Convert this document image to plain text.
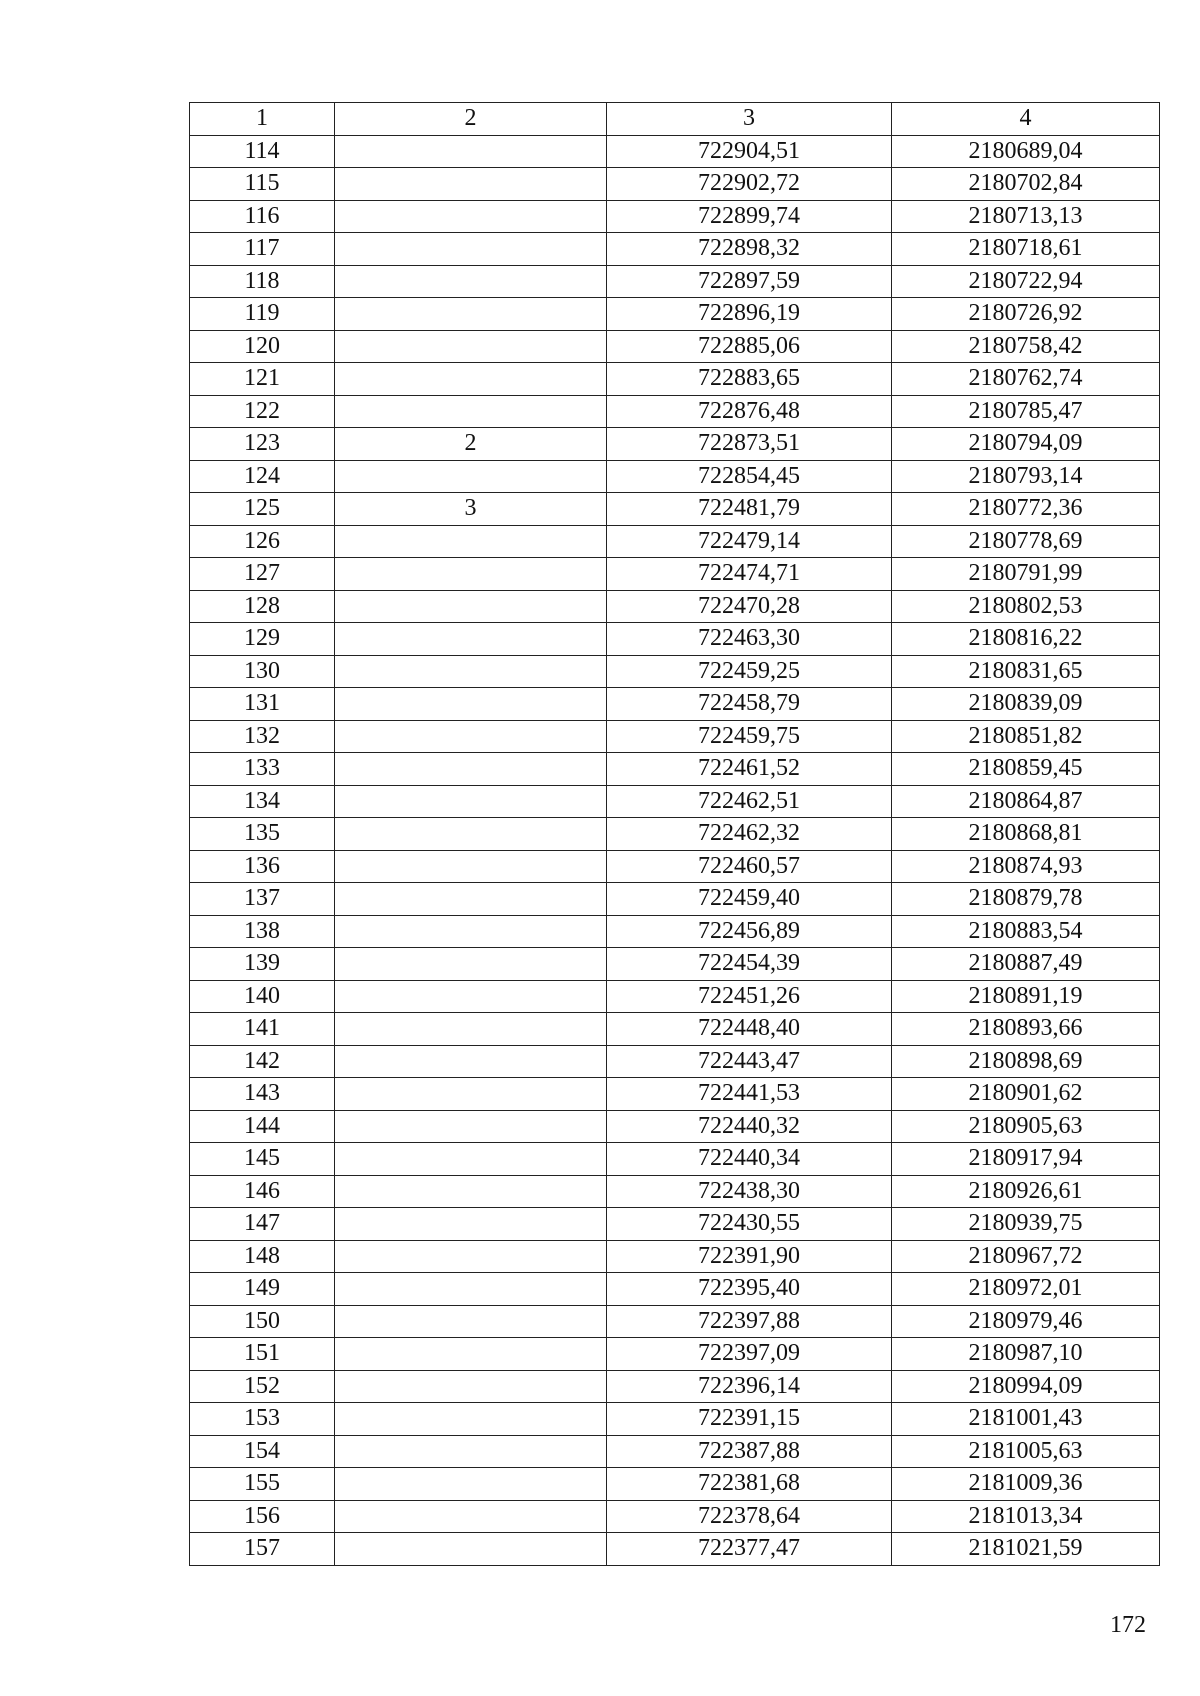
1	2	3	4
114		722904,51	2180689,04
115		722902,72	2180702,84
116		722899,74	2180713,13
117		722898,32	2180718,61
118		722897,59	2180722,94
119		722896,19	2180726,92
120		722885,06	2180758,42
121		722883,65	2180762,74
122		722876,48	2180785,47
123	2	722873,51	2180794,09
124		722854,45	2180793,14
125	3	722481,79	2180772,36
126		722479,14	2180778,69
127		722474,71	2180791,99
128		722470,28	2180802,53
129		722463,30	2180816,22
130		722459,25	2180831,65
131		722458,79	2180839,09
132		722459,75	2180851,82
133		722461,52	2180859,45
134		722462,51	2180864,87
135		722462,32	2180868,81
136		722460,57	2180874,93
137		722459,40	2180879,78
138		722456,89	2180883,54
139		722454,39	2180887,49
140		722451,26	2180891,19
141		722448,40	2180893,66
142		722443,47	2180898,69
143		722441,53	2180901,62
144		722440,32	2180905,63
145		722440,34	2180917,94
146		722438,30	2180926,61
147		722430,55	2180939,75
148		722391,90	2180967,72
149		722395,40	2180972,01
150		722397,88	2180979,46
151		722397,09	2180987,10
152		722396,14	2180994,09
153		722391,15	2181001,43
154		722387,88	2181005,63
155		722381,68	2181009,36
156		722378,64	2181013,34
157		722377,47	2181021,59
172
